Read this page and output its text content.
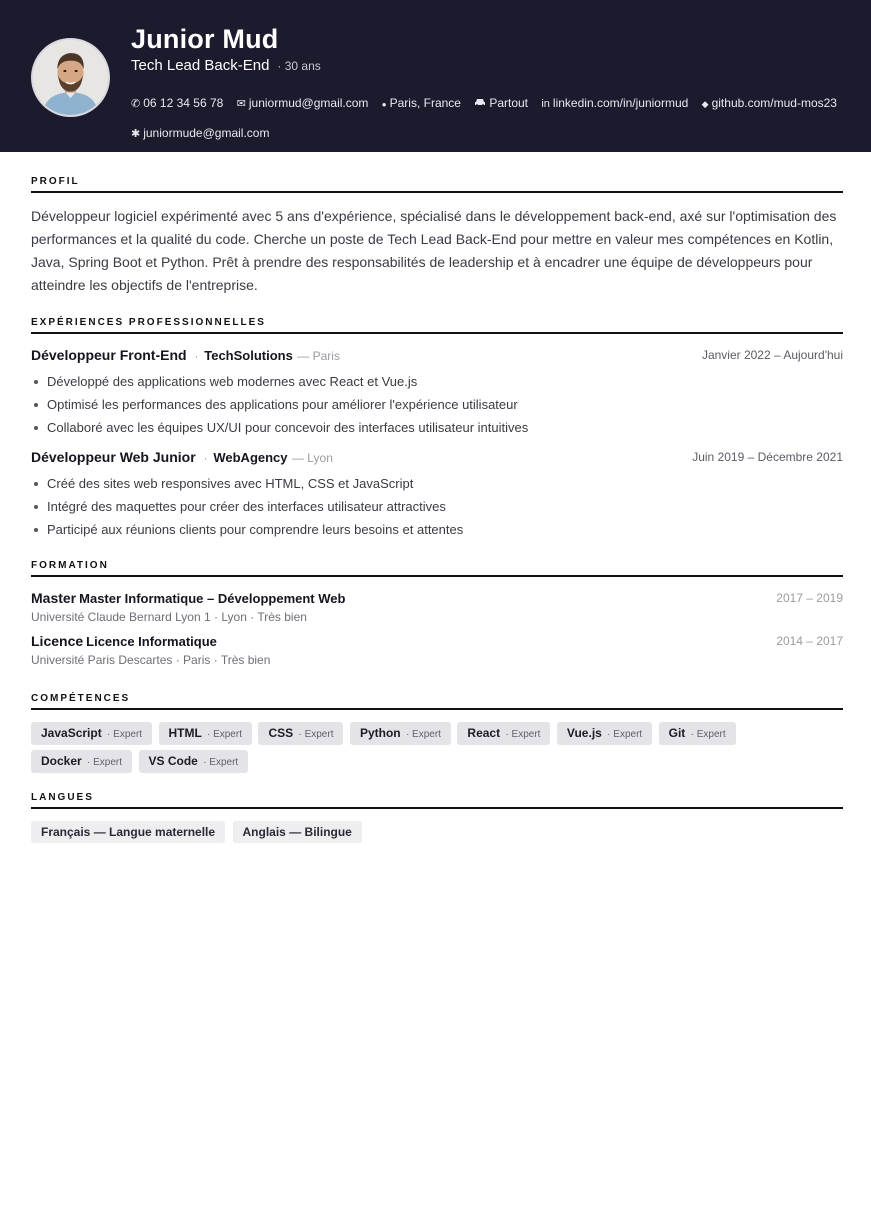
Junior Mud
Tech Lead Back-End · 30 ans
✆ 06 12 34 56 78 ✉ juniormud@gmail.com ● Paris, France Partout in linkedin.com/in/juniormud ◆ github.com/mud-mos23 ✱ juniormude@gmail.com
PROFIL
Développeur logiciel expérimenté avec 5 ans d'expérience, spécialisé dans le développement back-end, axé sur l'optimisation des performances et la qualité du code. Cherche un poste de Tech Lead Back-End pour mettre en valeur mes compétences en Kotlin, Java, Spring Boot et Python. Prêt à prendre des responsabilités de leadership et à encadrer une équipe de développeurs pour atteindre les objectifs de l'entreprise.
EXPÉRIENCES PROFESSIONNELLES
Développeur Front-End · TechSolutions — Paris	Janvier 2022 – Aujourd'hui
Développé des applications web modernes avec React et Vue.js
Optimisé les performances des applications pour améliorer l'expérience utilisateur
Collaboré avec les équipes UX/UI pour concevoir des interfaces utilisateur intuitives
Développeur Web Junior · WebAgency — Lyon	Juin 2019 – Décembre 2021
Créé des sites web responsives avec HTML, CSS et JavaScript
Intégré des maquettes pour créer des interfaces utilisateur attractives
Participé aux réunions clients pour comprendre leurs besoins et attentes
FORMATION
Master Master Informatique – Développement Web	2017 – 2019
Université Claude Bernard Lyon 1 · Lyon · Très bien
Licence Licence Informatique	2014 – 2017
Université Paris Descartes · Paris · Très bien
COMPÉTENCES
JavaScript · Expert HTML · Expert CSS · Expert Python · Expert React · Expert Vue.js · Expert Git · Expert Docker · Expert VS Code · Expert
LANGUES
Français — Langue maternelle Anglais — Bilingue
